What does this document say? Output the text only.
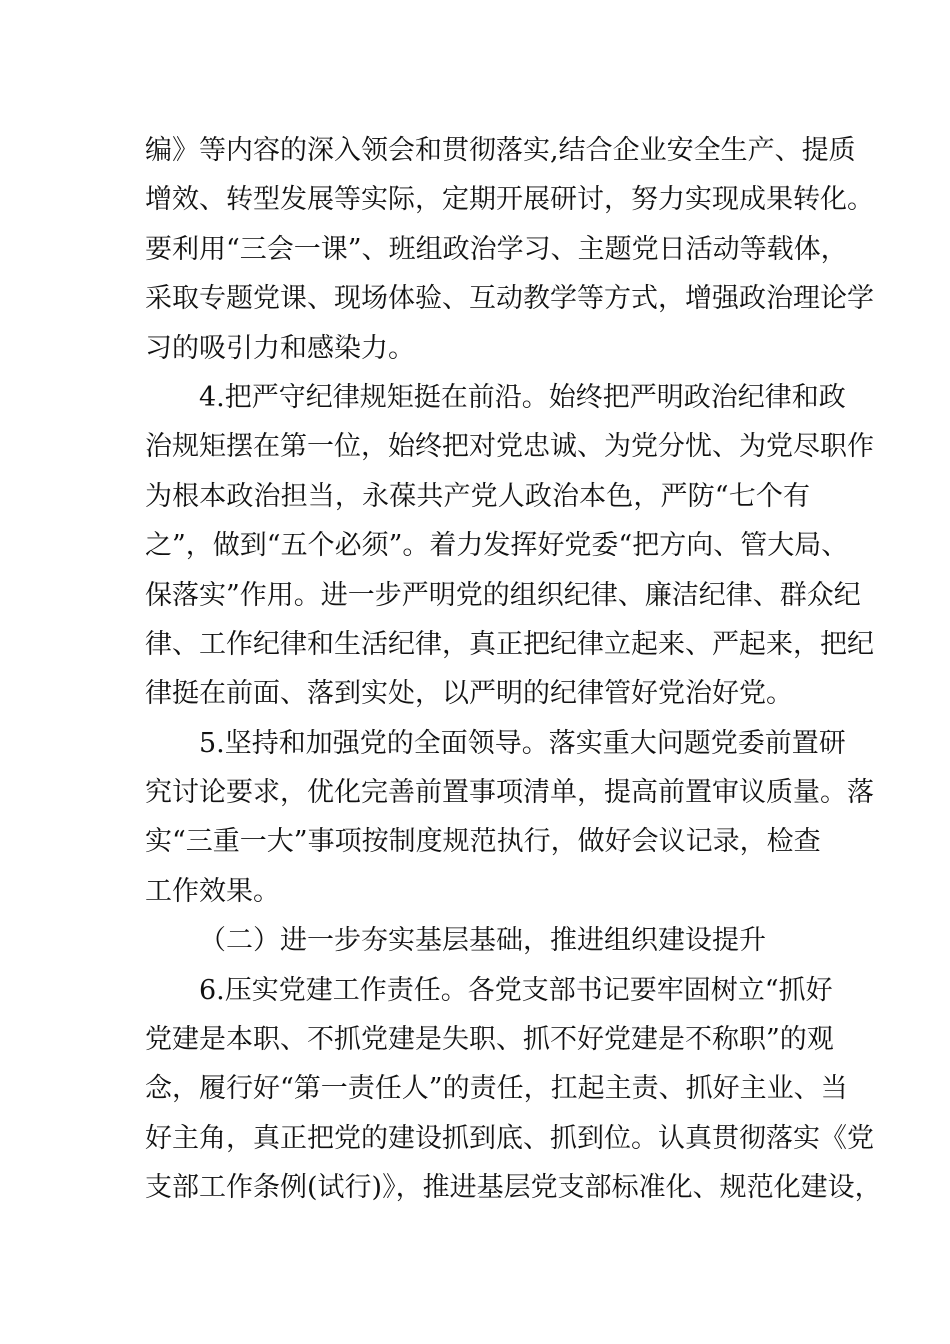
编》等内容的深入领会和贯彻落实,结合企业安全生产、提质
增效、转型发展等实际，定期开展研讨，努力实现成果转化。
要利用“三会一课”、班组政治学习、主题党日活动等载体，
采取专题党课、现场体验、互动教学等方式，增强政治理论学
习的吸引力和感染力。
4.把严守纪律规矩挺在前沿。始终把严明政治纪律和政
治规矩摆在第一位，始终把对党忠诚、为党分忧、为党尽职作
为根本政治担当，永葆共产党人政治本色，严防“七个有
之”，做到“五个必须”。着力发挥好党委“把方向、管大局、
保落实”作用。进一步严明党的组织纪律、廉洁纪律、群众纪
律、工作纪律和生活纪律，真正把纪律立起来、严起来，把纪
律挺在前面、落到实处，以严明的纪律管好党治好党。
5.坚持和加强党的全面领导。落实重大问题党委前置研
究讨论要求，优化完善前置事项清单，提高前置审议质量。落
实“三重一大”事项按制度规范执行，做好会议记录，检查
工作效果。
（二）进一步夯实基层基础，推进组织建设提升
6.压实党建工作责任。各党支部书记要牢固树立“抓好
党建是本职、不抓党建是失职、抓不好党建是不称职”的观
念，履行好“第一责任人”的责任，扛起主责、抓好主业、当
好主角，真正把党的建设抓到底、抓到位。认真贯彻落实《党
支部工作条例(试行)》，推进基层党支部标准化、规范化建设，
